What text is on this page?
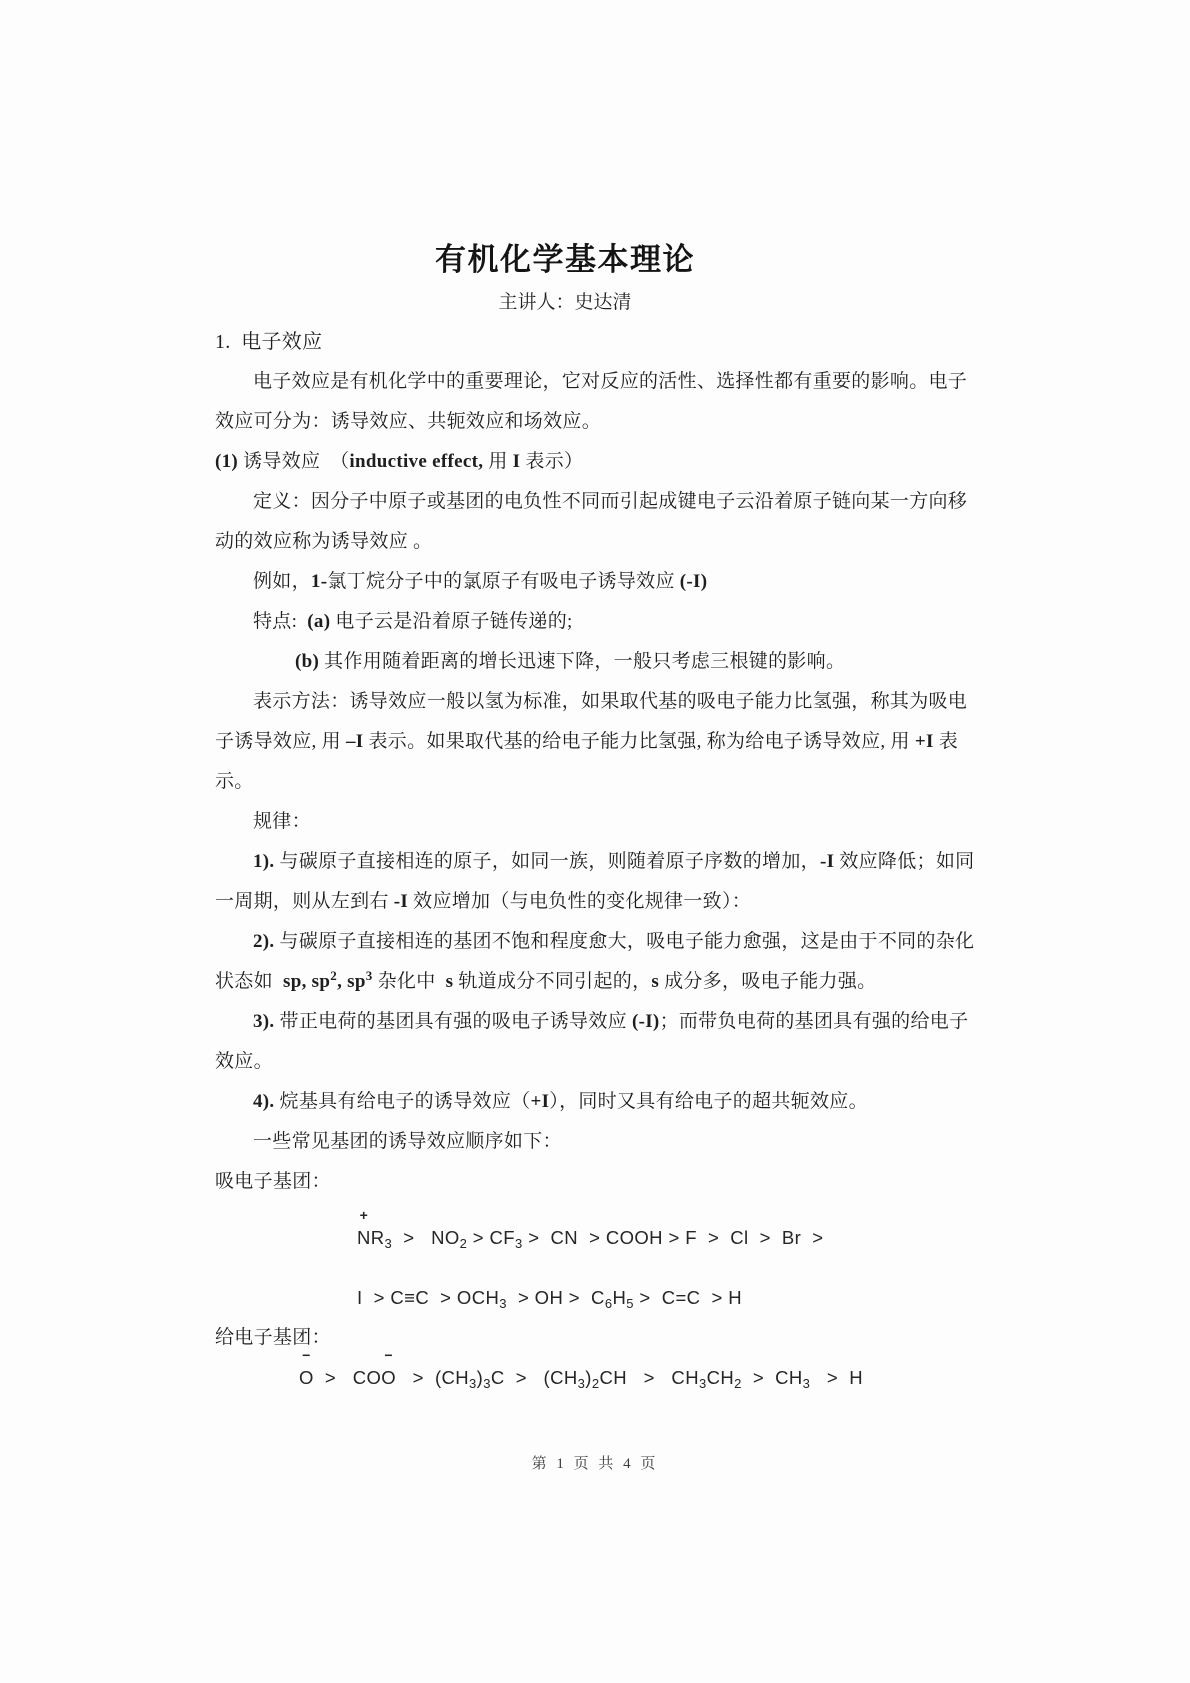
有机化学基本理论
主讲人：史达清

1.  电子效应

电子效应是有机化学中的重要理论，它对反应的活性、选择性都有重要的影响。电子

效应可分为：诱导效应、共轭效应和场效应。

(1) 诱导效应　（inductive effect, 用 I 表示）

定义：因分子中原子或基团的电负性不同而引起成键电子云沿着原子链向某一方向移

动的效应称为诱导效应 。

例如，1-氯丁烷分子中的氯原子有吸电子诱导效应 (-I)

特点:  (a) 电子云是沿着原子链传递的;

(b) 其作用随着距离的增长迅速下降，一般只考虑三根键的影响。

表示方法：诱导效应一般以氢为标准，如果取代基的吸电子能力比氢强，称其为吸电

子诱导效应, 用 –I 表示。如果取代基的给电子能力比氢强, 称为给电子诱导效应, 用 +I 表

示。

规律：

1). 与碳原子直接相连的原子，如同一族，则随着原子序数的增加，-I 效应降低；如同

一周期，则从左到右 -I 效应增加（与电负性的变化规律一致）：

2). 与碳原子直接相连的基团不饱和程度愈大，吸电子能力愈强，这是由于不同的杂化

状态如  sp, $sp^2$, $sp^3$ 杂化中  s 轨道成分不同引起的，s 成分多，吸电子能力强。

3). 带正电荷的基团具有强的吸电子诱导效应 (-I)；而带负电荷的基团具有强的给电子

效应。

4). 烷基具有给电子的诱导效应（+I），同时又具有给电子的超共轭效应。

一些常见基团的诱导效应顺序如下：

吸电子基团：

+
$NR_3 > NO_2 > CF_3$ >  CN  > COOH > F  >  Cl  >  Br  >

$I > C\equiv C > OCH_3$  > OH >  $C_6H_5 > C=C > H$

给电子基团：

−
O  >   CO
−
$O > (CH_3)_3C > (CH_3)_2CH > CH_3CH_2 > CH_3 > H$

第 1 页 共 4 页
